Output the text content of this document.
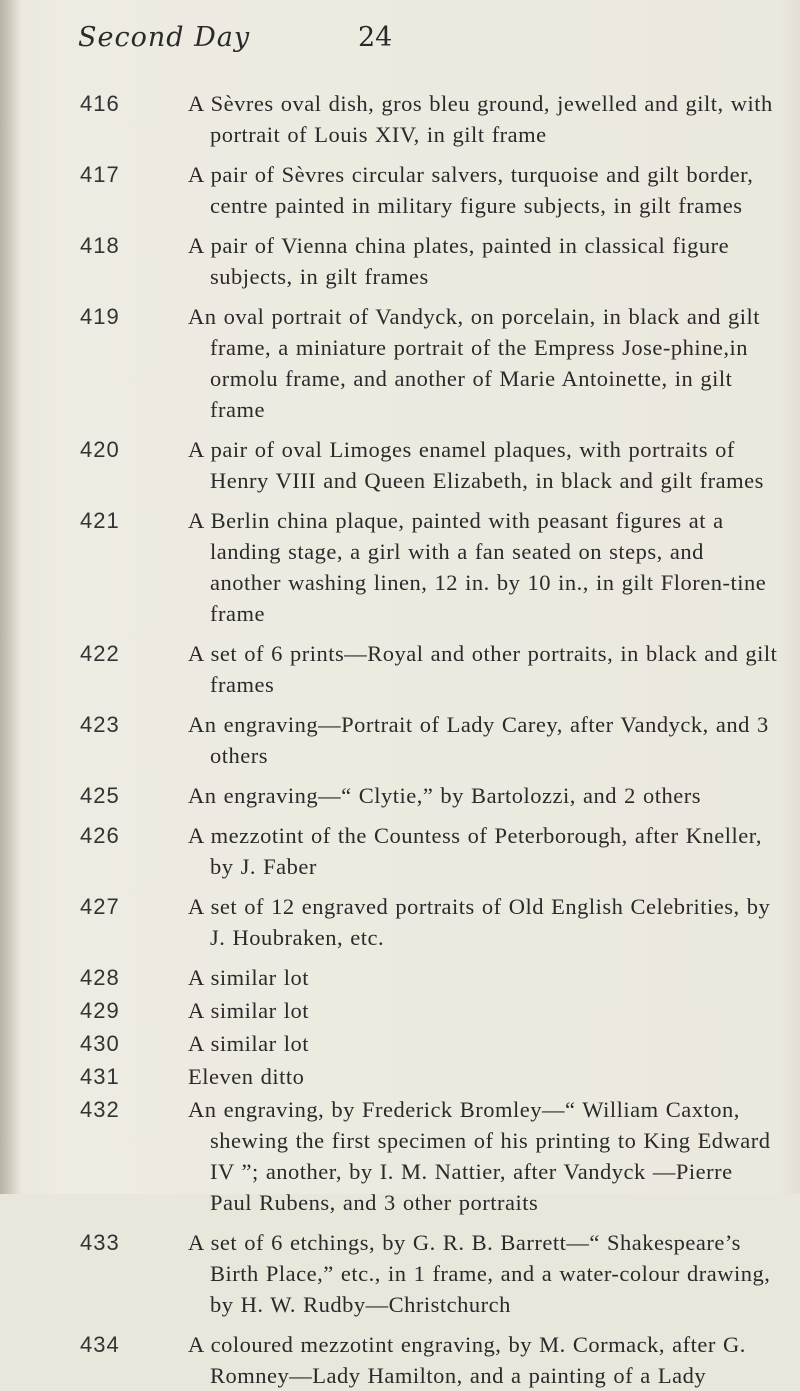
Second Day	24
416	A Sèvres oval dish, gros bleu ground, jewelled and gilt, with portrait of Louis XIV, in gilt frame
417	A pair of Sèvres circular salvers, turquoise and gilt border, centre painted in military figure subjects, in gilt frames
418	A pair of Vienna china plates, painted in classical figure subjects, in gilt frames
419	An oval portrait of Vandyck, on porcelain, in black and gilt frame, a miniature portrait of the Empress Jose-phine,in ormolu frame, and another of Marie Antoinette, in gilt frame
420	A pair of oval Limoges enamel plaques, with portraits of Henry VIII and Queen Elizabeth, in black and gilt frames
421	A Berlin china plaque, painted with peasant figures at a landing stage, a girl with a fan seated on steps, and another washing linen, 12 in. by 10 in., in gilt Floren-tine frame
422	A set of 6 prints—Royal and other portraits, in black and gilt frames
423	An engraving—Portrait of Lady Carey, after Vandyck, and 3 others
425	An engraving—“ Clytie,” by Bartolozzi, and 2 others
426	A mezzotint of the Countess of Peterborough, after Kneller, by J. Faber
427	A set of 12 engraved portraits of Old English Celebrities, by J. Houbraken, etc.
428	A similar lot
429	A similar lot
430	A similar lot
431	Eleven ditto
432	An engraving, by Frederick Bromley—“ William Caxton, shewing the first specimen of his printing to King Edward IV ”; another, by I. M. Nattier, after Vandyck —Pierre Paul Rubens, and 3 other portraits
433	A set of 6 etchings, by G. R. B. Barrett—“ Shakespeare’s Birth Place,” etc., in 1 frame, and a water-colour drawing, by H. W. Rudby—Christchurch
434	A coloured mezzotint engraving, by M. Cormack, after G. Romney—Lady Hamilton, and a painting of a Lady
